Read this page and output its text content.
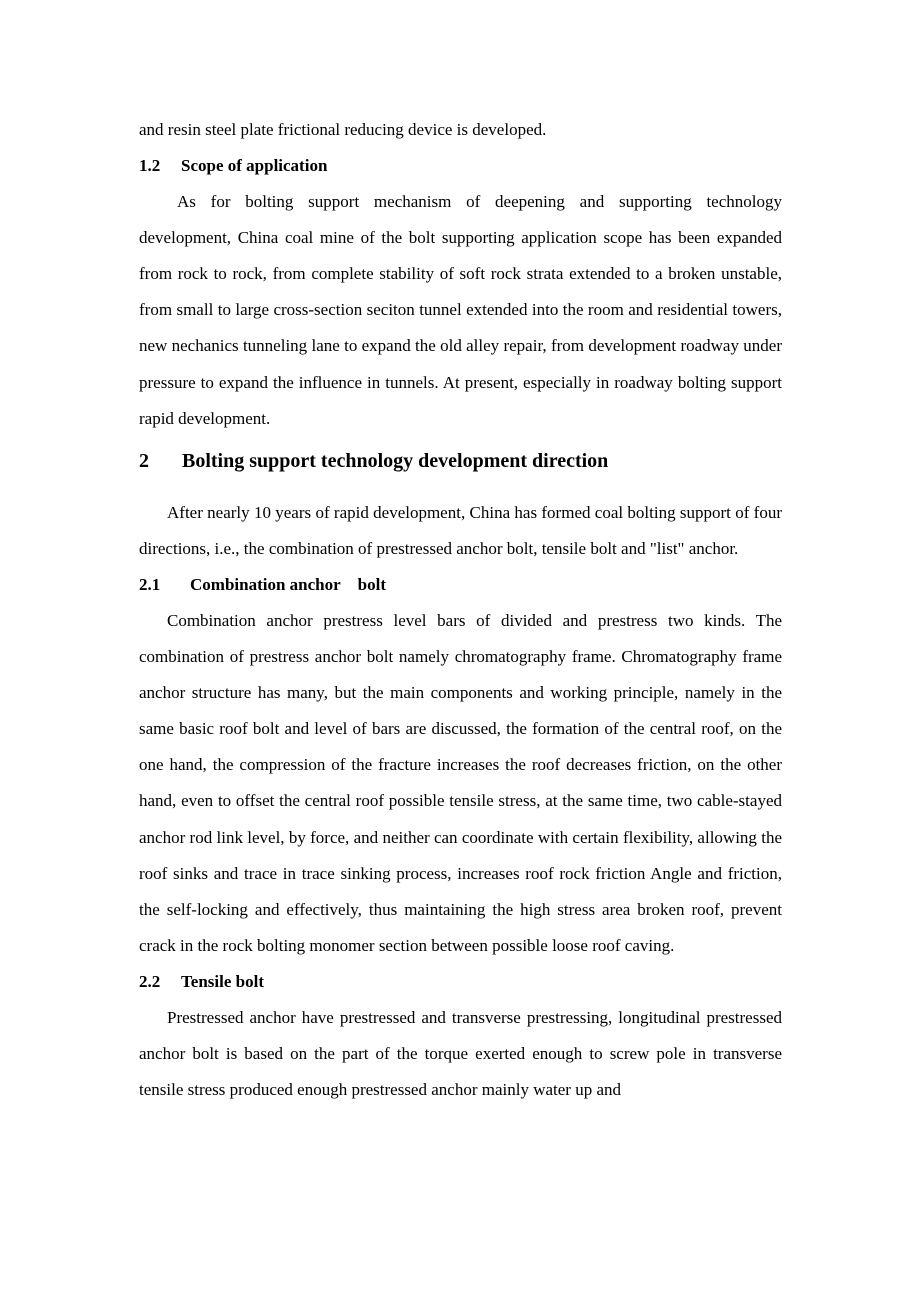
and resin steel plate frictional reducing device is developed.

1.2 Scope of application

As for bolting support mechanism of deepening and supporting technology development, China coal mine of the bolt supporting application scope has been expanded from rock to rock, from complete stability of soft rock strata extended to a broken unstable, from small to large cross-section seciton tunnel extended into the room and residential towers, new nechanics tunneling lane to expand the old alley repair, from development roadway under pressure to expand the influence in tunnels. At present, especially in roadway bolting support rapid development.

2 Bolting support technology development direction

After nearly 10 years of rapid development, China has formed coal bolting support of four directions, i.e., the combination of prestressed anchor bolt, tensile bolt and "list" anchor.

2.1 Combination anchor bolt

Combination anchor prestress level bars of divided and prestress two kinds. The combination of prestress anchor bolt namely chromatography frame. Chromatography frame anchor structure has many, but the main components and working principle, namely in the same basic roof bolt and level of bars are discussed, the formation of the central roof, on the one hand, the compression of the fracture increases the roof decreases friction, on the other hand, even to offset the central roof possible tensile stress, at the same time, two cable-stayed anchor rod link level, by force, and neither can coordinate with certain flexibility, allowing the roof sinks and trace in trace sinking process, increases roof rock friction Angle and friction, the self-locking and effectively, thus maintaining the high stress area broken roof, prevent crack in the rock bolting monomer section between possible loose roof caving.

2.2 Tensile bolt

Prestressed anchor have prestressed and transverse prestressing, longitudinal prestressed anchor bolt is based on the part of the torque exerted enough to screw pole in transverse tensile stress produced enough prestressed anchor mainly water up and
